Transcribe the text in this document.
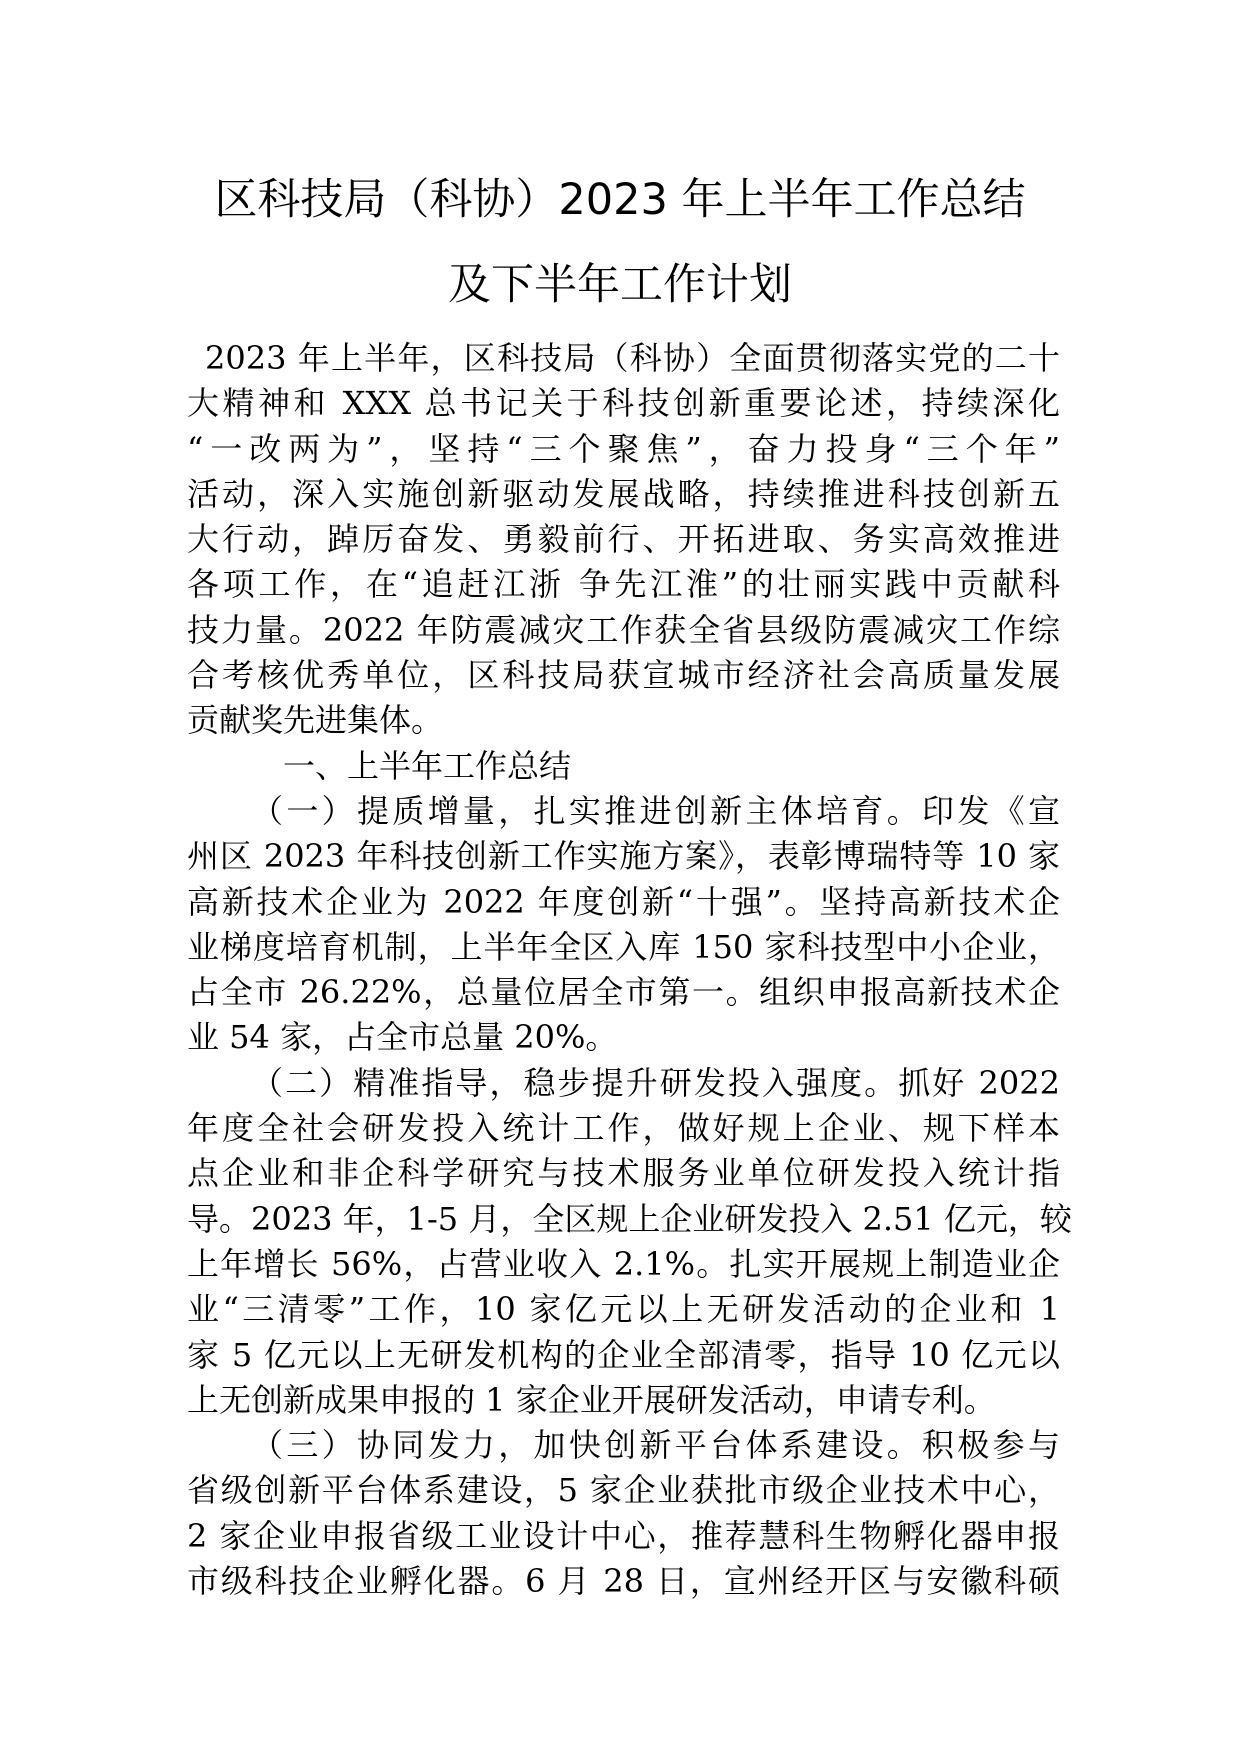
区科技局（科协）2023 年上半年工作总结
及下半年工作计划
2023 年上半年，区科技局（科协）全面贯彻落实党的二十
大精神和 XXX 总书记关于科技创新重要论述，持续深化
“一改两为”，坚持“三个聚焦”，奋力投身“三个年”
活动，深入实施创新驱动发展战略，持续推进科技创新五
大行动，踔厉奋发、勇毅前行、开拓进取、务实高效推进
各项工作，在“追赶江浙 争先江淮”的壮丽实践中贡献科
技力量。2022 年防震减灾工作获全省县级防震减灾工作综
合考核优秀单位，区科技局获宣城市经济社会高质量发展
贡献奖先进集体。
一、上半年工作总结
（一）提质增量，扎实推进创新主体培育。印发《宣
州区 2023 年科技创新工作实施方案》，表彰博瑞特等 10 家
高新技术企业为 2022 年度创新“十强”。坚持高新技术企
业梯度培育机制，上半年全区入库 150 家科技型中小企业，
占全市 26.22%，总量位居全市第一。组织申报高新技术企
业 54 家，占全市总量 20%。
（二）精准指导，稳步提升研发投入强度。抓好 2022
年度全社会研发投入统计工作，做好规上企业、规下样本
点企业和非企科学研究与技术服务业单位研发投入统计指
导。2023 年，1-5 月，全区规上企业研发投入 2.51 亿元，较
上年增长 56%，占营业收入 2.1%。扎实开展规上制造业企
业“三清零”工作，10 家亿元以上无研发活动的企业和 1
家 5 亿元以上无研发机构的企业全部清零，指导 10 亿元以
上无创新成果申报的 1 家企业开展研发活动，申请专利。
（三）协同发力，加快创新平台体系建设。积极参与
省级创新平台体系建设，5 家企业获批市级企业技术中心，
2 家企业申报省级工业设计中心，推荐慧科生物孵化器申报
市级科技企业孵化器。6 月 28 日，宣州经开区与安徽科硕
